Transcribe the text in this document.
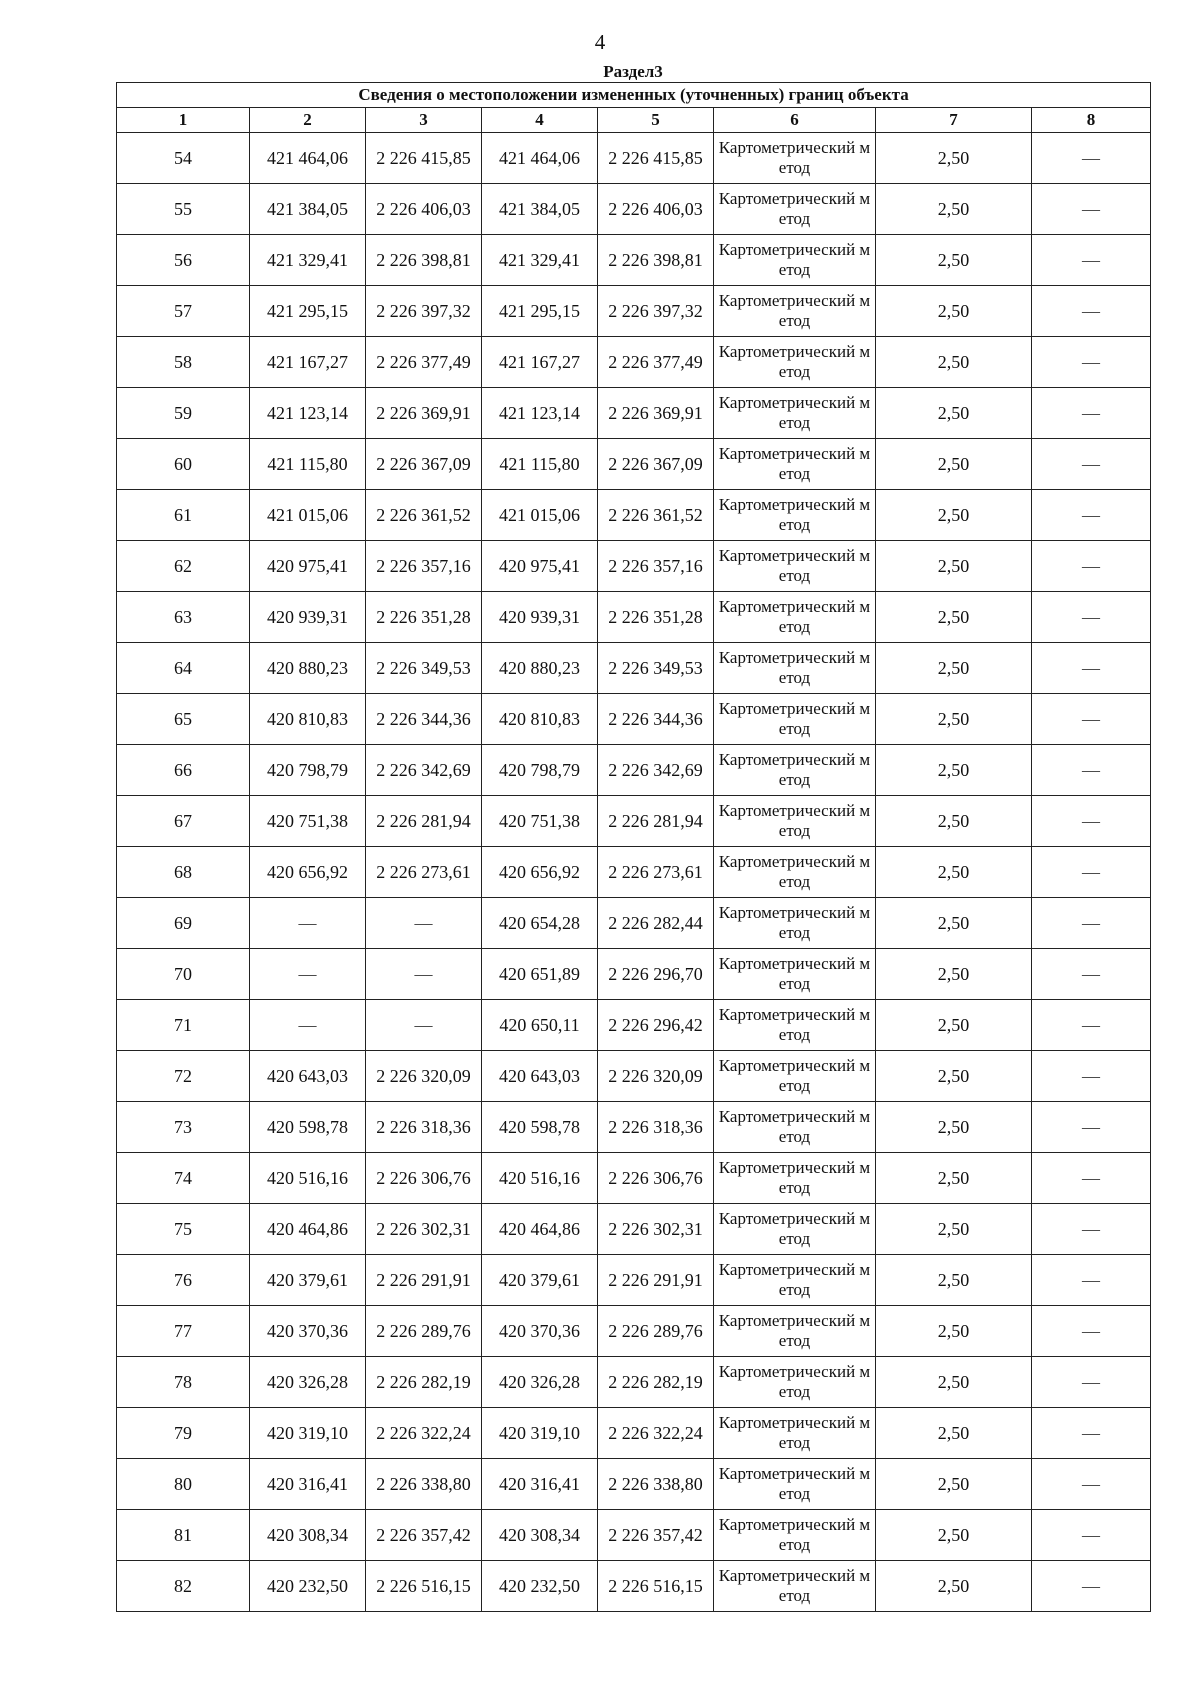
4
Раздел3
Сведения о местоположении измененных (уточненных) границ объекта							
1	2	3	4	5	6	7	8
54	421 464,06	2 226 415,85	421 464,06	2 226 415,85	Картометрический метод	2,50	—
55	421 384,05	2 226 406,03	421 384,05	2 226 406,03	Картометрический метод	2,50	—
56	421 329,41	2 226 398,81	421 329,41	2 226 398,81	Картометрический метод	2,50	—
57	421 295,15	2 226 397,32	421 295,15	2 226 397,32	Картометрический метод	2,50	—
58	421 167,27	2 226 377,49	421 167,27	2 226 377,49	Картометрический метод	2,50	—
59	421 123,14	2 226 369,91	421 123,14	2 226 369,91	Картометрический метод	2,50	—
60	421 115,80	2 226 367,09	421 115,80	2 226 367,09	Картометрический метод	2,50	—
61	421 015,06	2 226 361,52	421 015,06	2 226 361,52	Картометрический метод	2,50	—
62	420 975,41	2 226 357,16	420 975,41	2 226 357,16	Картометрический метод	2,50	—
63	420 939,31	2 226 351,28	420 939,31	2 226 351,28	Картометрический метод	2,50	—
64	420 880,23	2 226 349,53	420 880,23	2 226 349,53	Картометрический метод	2,50	—
65	420 810,83	2 226 344,36	420 810,83	2 226 344,36	Картометрический метод	2,50	—
66	420 798,79	2 226 342,69	420 798,79	2 226 342,69	Картометрический метод	2,50	—
67	420 751,38	2 226 281,94	420 751,38	2 226 281,94	Картометрический метод	2,50	—
68	420 656,92	2 226 273,61	420 656,92	2 226 273,61	Картометрический метод	2,50	—
69	—	—	420 654,28	2 226 282,44	Картометрический метод	2,50	—
70	—	—	420 651,89	2 226 296,70	Картометрический метод	2,50	—
71	—	—	420 650,11	2 226 296,42	Картометрический метод	2,50	—
72	420 643,03	2 226 320,09	420 643,03	2 226 320,09	Картометрический метод	2,50	—
73	420 598,78	2 226 318,36	420 598,78	2 226 318,36	Картометрический метод	2,50	—
74	420 516,16	2 226 306,76	420 516,16	2 226 306,76	Картометрический метод	2,50	—
75	420 464,86	2 226 302,31	420 464,86	2 226 302,31	Картометрический метод	2,50	—
76	420 379,61	2 226 291,91	420 379,61	2 226 291,91	Картометрический метод	2,50	—
77	420 370,36	2 226 289,76	420 370,36	2 226 289,76	Картометрический метод	2,50	—
78	420 326,28	2 226 282,19	420 326,28	2 226 282,19	Картометрический метод	2,50	—
79	420 319,10	2 226 322,24	420 319,10	2 226 322,24	Картометрический метод	2,50	—
80	420 316,41	2 226 338,80	420 316,41	2 226 338,80	Картометрический метод	2,50	—
81	420 308,34	2 226 357,42	420 308,34	2 226 357,42	Картометрический метод	2,50	—
82	420 232,50	2 226 516,15	420 232,50	2 226 516,15	Картометрический метод	2,50	—
